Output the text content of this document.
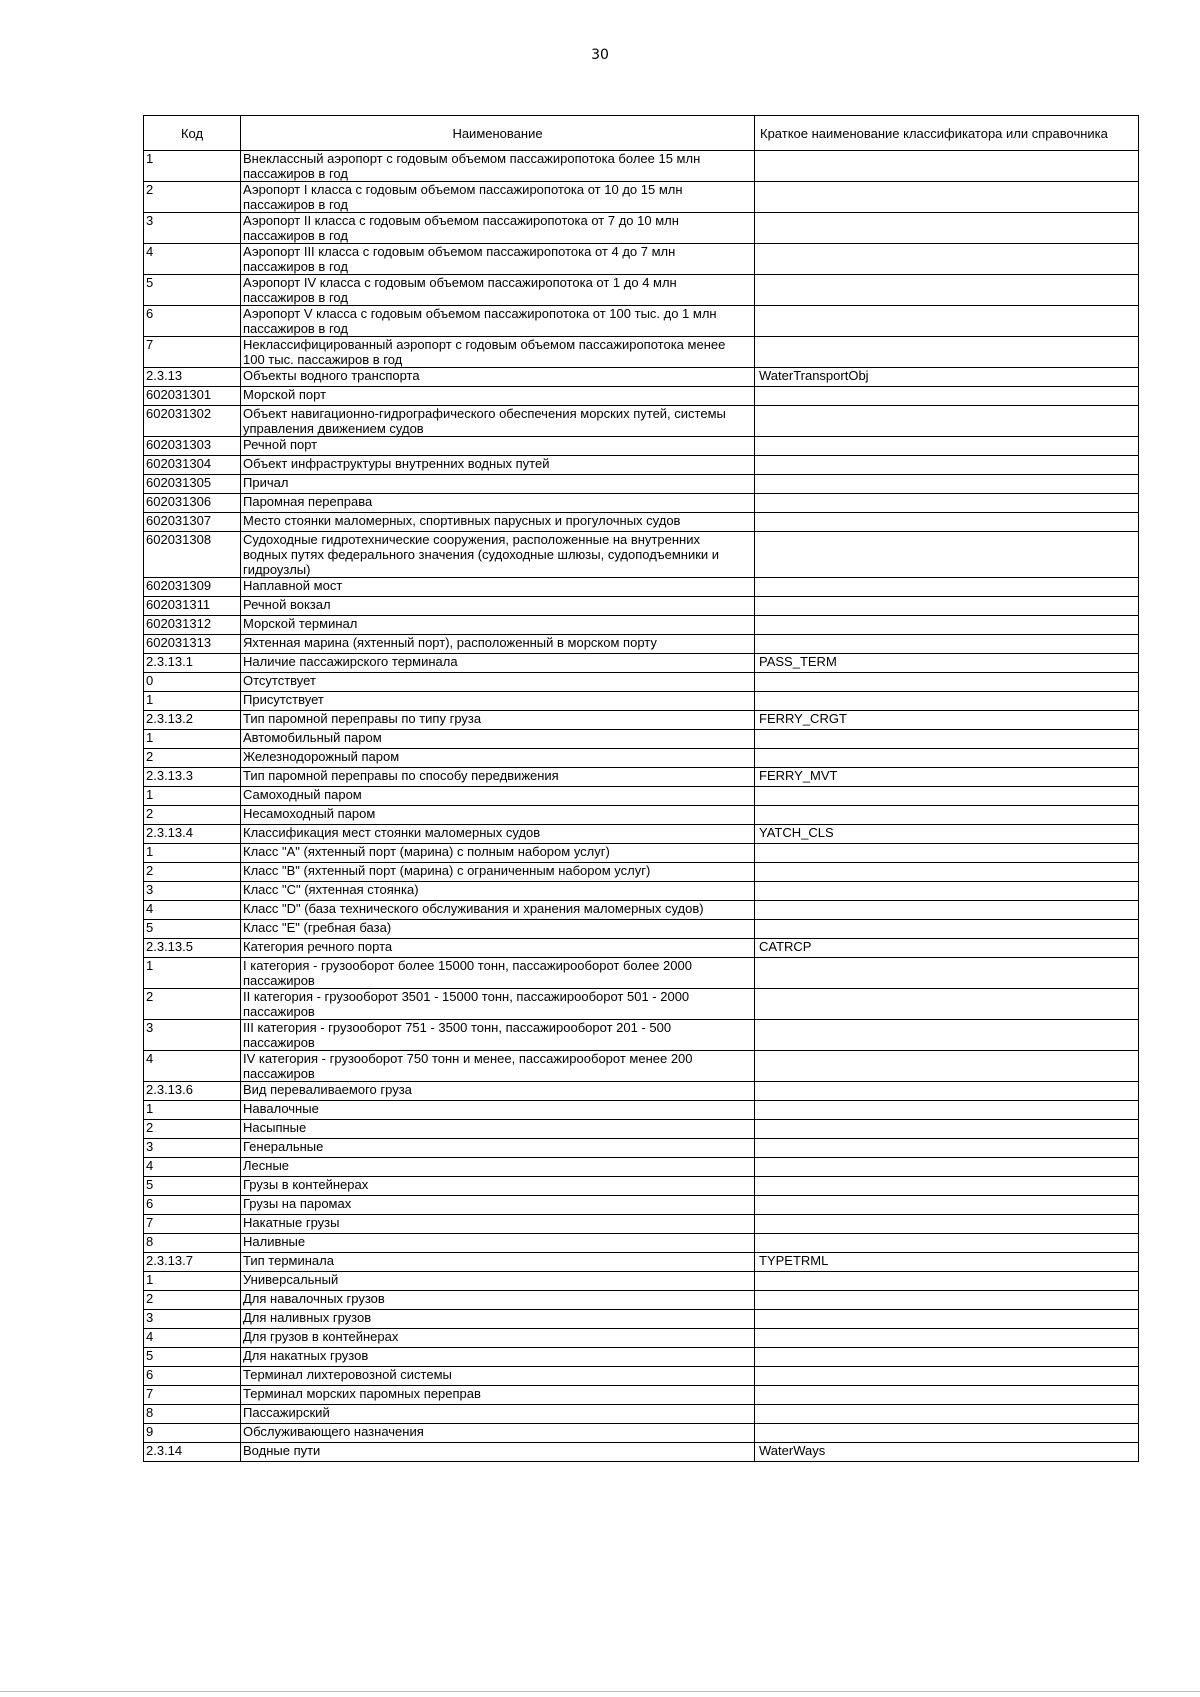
30
Код	Наименование	Краткое наименование классификатора или справочника
1	Внеклассный аэропорт с годовым объемом пассажиропотока более 15 млн пассажиров в год	
2	Аэропорт I класса с годовым объемом пассажиропотока от 10 до 15 млн пассажиров в год	
3	Аэропорт II класса с годовым объемом пассажиропотока от 7 до 10 млн пассажиров в год	
4	Аэропорт III класса с годовым объемом пассажиропотока от 4 до 7 млн пассажиров в год	
5	Аэропорт IV класса с годовым объемом пассажиропотока от 1 до 4 млн пассажиров в год	
6	Аэропорт V класса с годовым объемом пассажиропотока от 100 тыс. до 1 млн пассажиров в год	
7	Неклассифицированный аэропорт с годовым объемом пассажиропотока менее 100 тыс. пассажиров в год	
2.3.13	Объекты водного транспорта	WaterTransportObj
602031301	Морской порт	
602031302	Объект навигационно-гидрографического обеспечения морских путей, системы управления движением судов	
602031303	Речной порт	
602031304	Объект инфраструктуры внутренних водных путей	
602031305	Причал	
602031306	Паромная переправа	
602031307	Место стоянки маломерных, спортивных парусных и прогулочных судов	
602031308	Судоходные гидротехнические сооружения, расположенные на внутренних водных путях федерального значения (судоходные шлюзы, судоподъемники и гидроузлы)	
602031309	Наплавной мост	
602031311	Речной вокзал	
602031312	Морской терминал	
602031313	Яхтенная марина (яхтенный порт), расположенный в морском порту	
2.3.13.1	Наличие пассажирского терминала	PASS_TERM
0	Отсутствует	
1	Присутствует	
2.3.13.2	Тип паромной переправы по типу груза	FERRY_CRGT
1	Автомобильный паром	
2	Железнодорожный паром	
2.3.13.3	Тип паромной переправы по способу передвижения	FERRY_MVT
1	Самоходный паром	
2	Несамоходный паром	
2.3.13.4	Классификация мест стоянки маломерных судов	YATCH_CLS
1	Класс "A" (яхтенный порт (марина) с полным набором услуг)	
2	Класс "B" (яхтенный порт (марина) с ограниченным набором услуг)	
3	Класс "C" (яхтенная стоянка)	
4	Класс "D" (база технического обслуживания и хранения маломерных судов)	
5	Класс "E" (гребная база)	
2.3.13.5	Категория речного порта	CATRCP
1	I категория - грузооборот более 15000 тонн, пассажирооборот более 2000 пассажиров	
2	II категория - грузооборот 3501 - 15000 тонн, пассажирооборот 501 - 2000 пассажиров	
3	III категория - грузооборот 751 - 3500 тонн, пассажирооборот 201 - 500 пассажиров	
4	IV категория - грузооборот 750 тонн и менее, пассажирооборот менее 200 пассажиров	
2.3.13.6	Вид переваливаемого груза	
1	Навалочные	
2	Насыпные	
3	Генеральные	
4	Лесные	
5	Грузы в контейнерах	
6	Грузы на паромах	
7	Накатные грузы	
8	Наливные	
2.3.13.7	Тип терминала	TYPETRML
1	Универсальный	
2	Для навалочных грузов	
3	Для наливных грузов	
4	Для грузов в контейнерах	
5	Для накатных грузов	
6	Терминал лихтеровозной системы	
7	Терминал морских паромных переправ	
8	Пассажирский	
9	Обслуживающего назначения	
2.3.14	Водные пути	WaterWays
